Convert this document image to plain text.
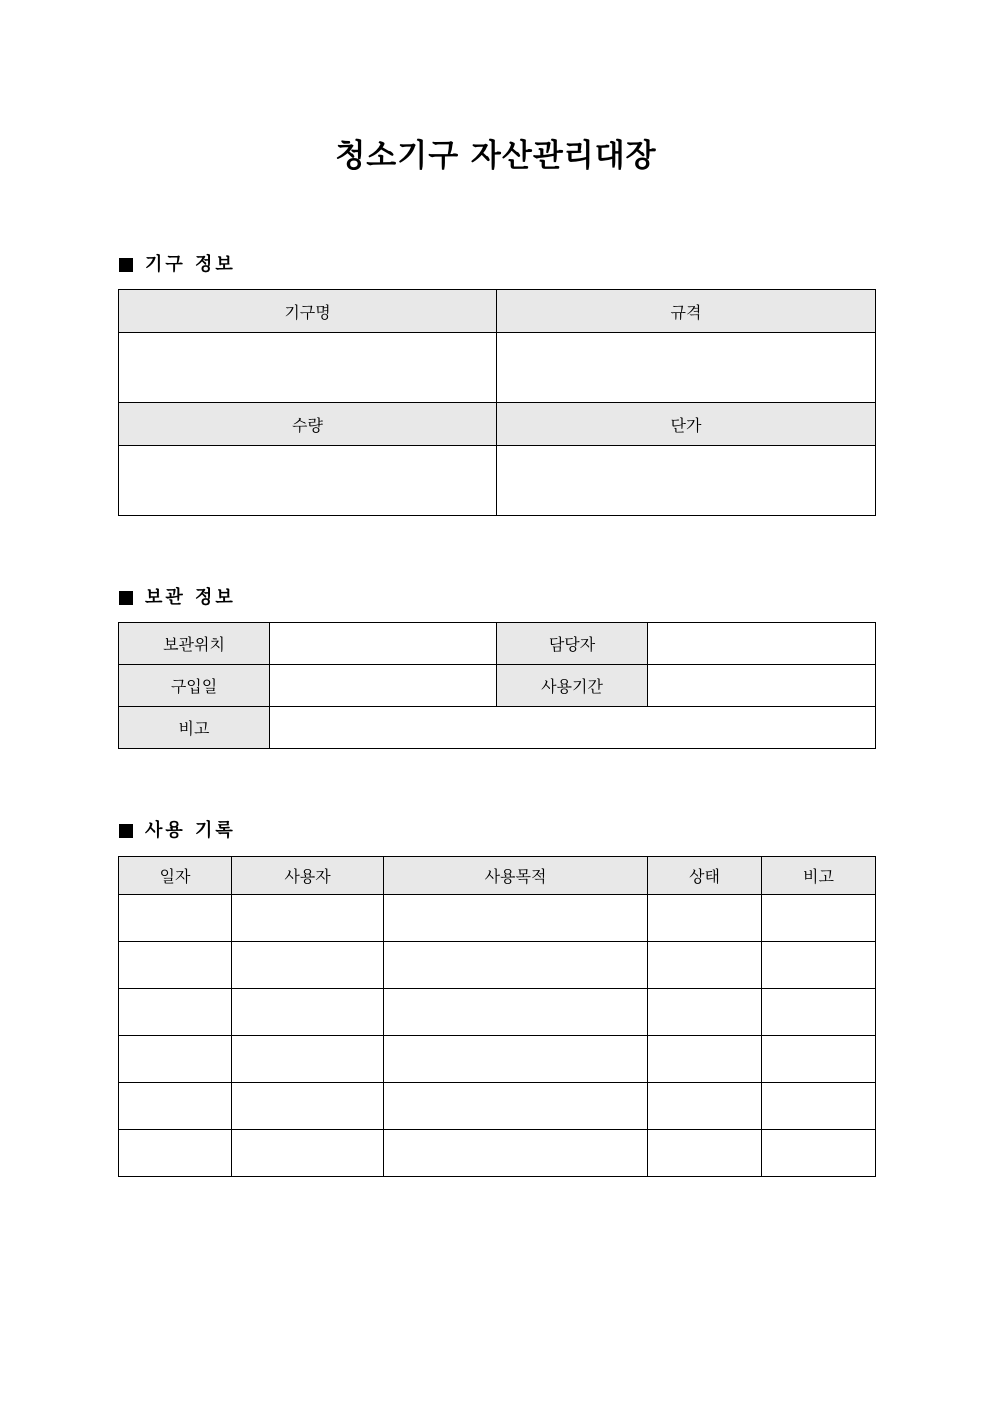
청소기구 자산관리대장
기구 정보
기구명	규격

수량	단가

보관 정보
보관위치		담당자	
구입일		사용기간	
비고			
사용 기록
일자	사용자	사용목적	상태	비고
